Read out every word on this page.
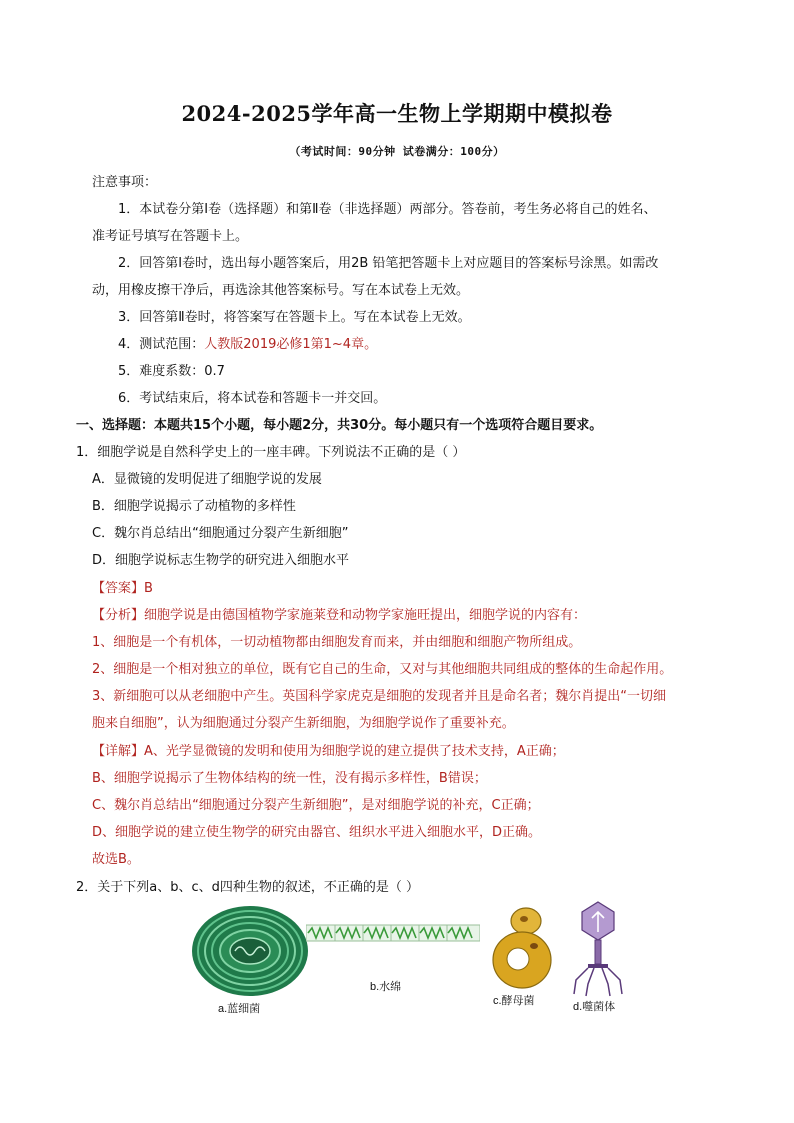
2024-2025学年高一生物上学期期中模拟卷
（考试时间：90分钟 试卷满分：100分）
注意事项：
1．本试卷分第Ⅰ卷（选择题）和第Ⅱ卷（非选择题）两部分。答卷前，考生务必将自己的姓名、
准考证号填写在答题卡上。
2．回答第Ⅰ卷时，选出每小题答案后，用2B 铅笔把答题卡上对应题目的答案标号涂黑。如需改
动，用橡皮擦干净后，再选涂其他答案标号。写在本试卷上无效。
3．回答第Ⅱ卷时，将答案写在答题卡上。写在本试卷上无效。
4．测试范围：人教版2019必修1第1~4章。
5．难度系数：0.7
6．考试结束后，将本试卷和答题卡一并交回。
一、选择题：本题共15个小题，每小题2分，共30分。每小题只有一个选项符合题目要求。
1．细胞学说是自然科学史上的一座丰碑。下列说法不正确的是（ ）
A．显微镜的发明促进了细胞学说的发展
B．细胞学说揭示了动植物的多样性
C．魏尔肖总结出“细胞通过分裂产生新细胞”
D．细胞学说标志生物学的研究进入细胞水平
【答案】B
【分析】细胞学说是由德国植物学家施莱登和动物学家施旺提出，细胞学说的内容有：
1、细胞是一个有机体，一切动植物都由细胞发育而来，并由细胞和细胞产物所组成。
2、细胞是一个相对独立的单位，既有它自己的生命，又对与其他细胞共同组成的整体的生命起作用。
3、新细胞可以从老细胞中产生。英国科学家虎克是细胞的发现者并且是命名者；魏尔肖提出“一切细
胞来自细胞”，认为细胞通过分裂产生新细胞，为细胞学说作了重要补充。
【详解】A、光学显微镜的发明和使用为细胞学说的建立提供了技术支持，A正确；
B、细胞学说揭示了生物体结构的统一性，没有揭示多样性，B错误；
C、魏尔肖总结出“细胞通过分裂产生新细胞”，是对细胞学说的补充，C正确；
D、细胞学说的建立使生物学的研究由器官、组织水平进入细胞水平，D正确。
故选B。
2．关于下列a、b、c、d四种生物的叙述，不正确的是（ ）
a.蓝细菌
b.水绵
c.酵母菌	d.噬菌体
